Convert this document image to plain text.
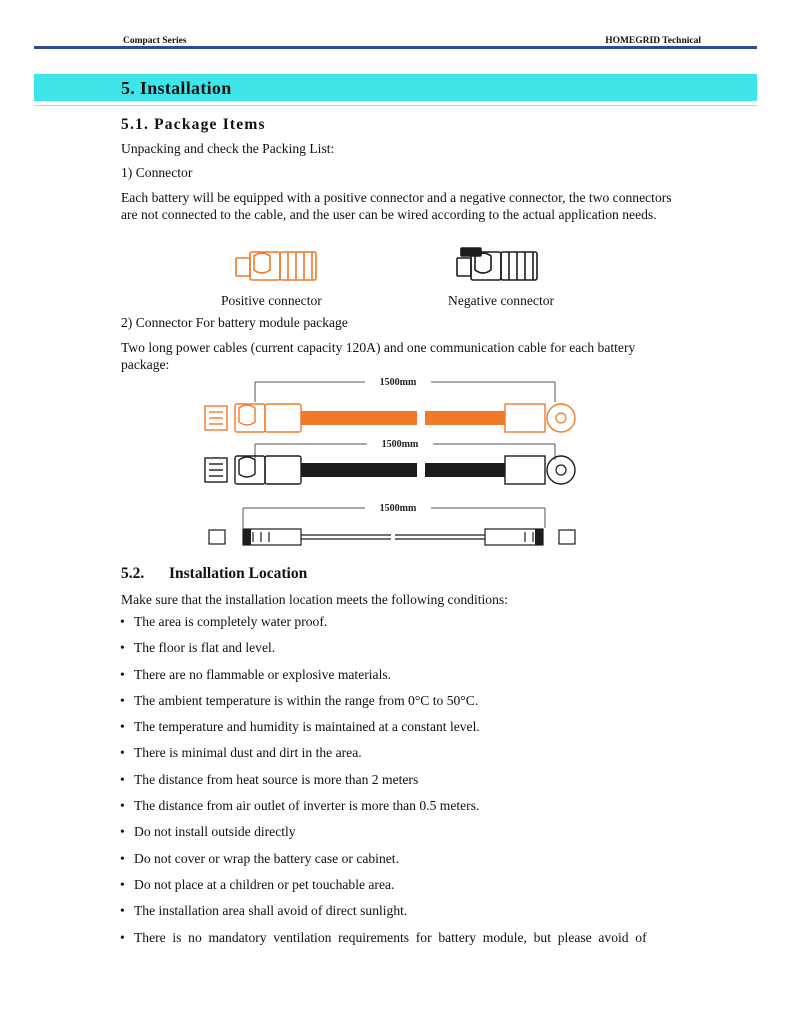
Compact Series	HOMEGRID Technical
5. Installation
5.1. Package Items
Unpacking and check the Packing List:
1) Connector
Each battery will be equipped with a positive connector and a negative connector, the two connectors are not connected to the cable, and the user can be wired according to the actual application needs.
Positive connector	Negative connector
2) Connector For battery module package
Two long power cables (current capacity 120A) and one communication cable for each battery package:
1500mm
1500mm
1500mm
5.2. Installation Location
Make sure that the installation location meets the following conditions:
• The area is completely water proof.
• The floor is flat and level.
• There are no flammable or explosive materials.
• The ambient temperature is within the range from 0°C to 50°C.
• The temperature and humidity is maintained at a constant level.
• There is minimal dust and dirt in the area.
• The distance from heat source is more than 2 meters
• The distance from air outlet of inverter is more than 0.5 meters.
• Do not install outside directly
• Do not cover or wrap the battery case or cabinet.
• Do not place at a children or pet touchable area.
• The installation area shall avoid of direct sunlight.
• There is no mandatory ventilation requirements for battery module, but please avoid of
